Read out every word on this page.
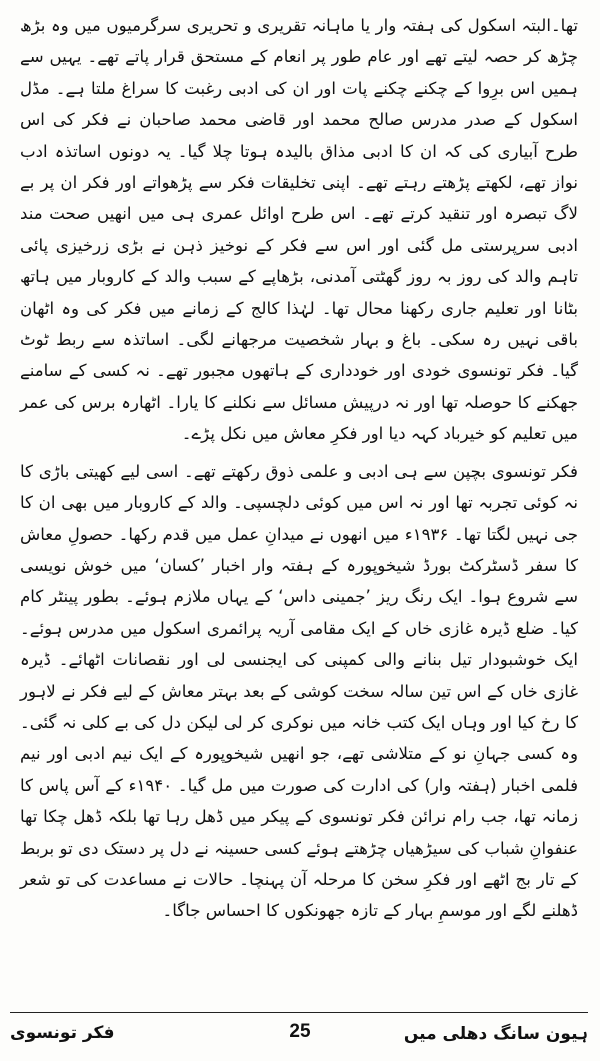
تھا۔البتہ اسکول کی ہفتہ وار یا ماہانہ تقریری و تحریری سرگرمیوں میں وہ بڑھ چڑھ کر حصہ لیتے تھے اور عام طور پر انعام کے مستحق قرار پاتے تھے۔ یہیں سے ہمیں اس برِوا کے چکنے چکنے پات اور ان کی ادبی رغبت کا سراغ ملتا ہے۔ مڈل اسکول کے صدر مدرس صالح محمد اور قاضی محمد صاحبان نے فکر کی اس طرح آبیاری کی کہ ان کا ادبی مذاق بالیدہ ہوتا چلا گیا۔ یہ دونوں اساتذہ ادب نواز تھے، لکھتے پڑھتے رہتے تھے۔ اپنی تخلیقات فکر سے پڑھواتے اور فکر ان پر بے لاگ تبصرہ اور تنقید کرتے تھے۔ اس طرح اوائل عمری ہی میں انھیں صحت مند ادبی سرپرستی مل گئی اور اس سے فکر کے نوخیز ذہن نے بڑی زرخیزی پائی تاہم والد کی روز بہ روز گھٹتی آمدنی، بڑھاپے کے سبب والد کے کاروبار میں ہاتھ بٹانا اور تعلیم جاری رکھنا محال تھا۔ لہٰذا کالج کے زمانے میں فکر کی وہ اٹھان باقی نہیں رہ سکی۔ باغ و بہار شخصیت مرجھانے لگی۔ اساتذہ سے ربط ٹوٹ گیا۔ فکر تونسوی خودی اور خودداری کے ہاتھوں مجبور تھے۔ نہ کسی کے سامنے جھکنے کا حوصلہ تھا اور نہ درپیش مسائل سے نکلنے کا یارا۔ اٹھارہ برس کی عمر میں تعلیم کو خیرباد کہہ دیا اور فکرِ معاش میں نکل پڑے۔

فکر تونسوی بچپن سے ہی ادبی و علمی ذوق رکھتے تھے۔ اسی لیے کھیتی باڑی کا نہ کوئی تجربہ تھا اور نہ اس میں کوئی دلچسپی۔ والد کے کاروبار میں بھی ان کا جی نہیں لگتا تھا۔ ۱۹۳۶ء میں انھوں نے میدانِ عمل میں قدم رکھا۔ حصولِ معاش کا سفر ڈسٹرکٹ بورڈ شیخوپورہ کے ہفتہ وار اخبار ’کسان‘ میں خوش نویسی سے شروع ہوا۔ ایک رنگ ریز ’جمینی داس‘ کے یہاں ملازم ہوئے۔ بطور پینٹر کام کیا۔ ضلع ڈیرہ غازی خاں کے ایک مقامی آریہ پرائمری اسکول میں مدرس ہوئے۔ ایک خوشبودار تیل بنانے والی کمپنی کی ایجنسی لی اور نقصانات اٹھائے۔ ڈیرہ غازی خاں کے اس تین سالہ سخت کوشی کے بعد بہتر معاش کے لیے فکر نے لاہور کا رخ کیا اور وہاں ایک کتب خانہ میں نوکری کر لی لیکن دل کی بے کلی نہ گئی۔ وہ کسی جہانِ نو کے متلاشی تھے، جو انھیں شیخوپورہ کے ایک نیم ادبی اور نیم فلمی اخبار (ہفتہ وار) کی ادارت کی صورت میں مل گیا۔ ۱۹۴۰ء کے آس پاس کا زمانہ تھا، جب رام نرائن فکر تونسوی کے پیکر میں ڈھل رہا تھا بلکہ ڈھل چکا تھا عنفوانِ شباب کی سیڑھیاں چڑھتے ہوئے کسی حسینہ نے دل پر دستک دی تو بربط کے تار بج اٹھے اور فکرِ سخن کا مرحلہ آن پہنچا۔ حالات نے مساعدت کی تو شعر ڈھلنے لگے اور موسمِ بہار کے تازہ جھونکوں کا احساس جاگا۔

فکر تونسوی	25	ہیون سانگ دھلی میں
